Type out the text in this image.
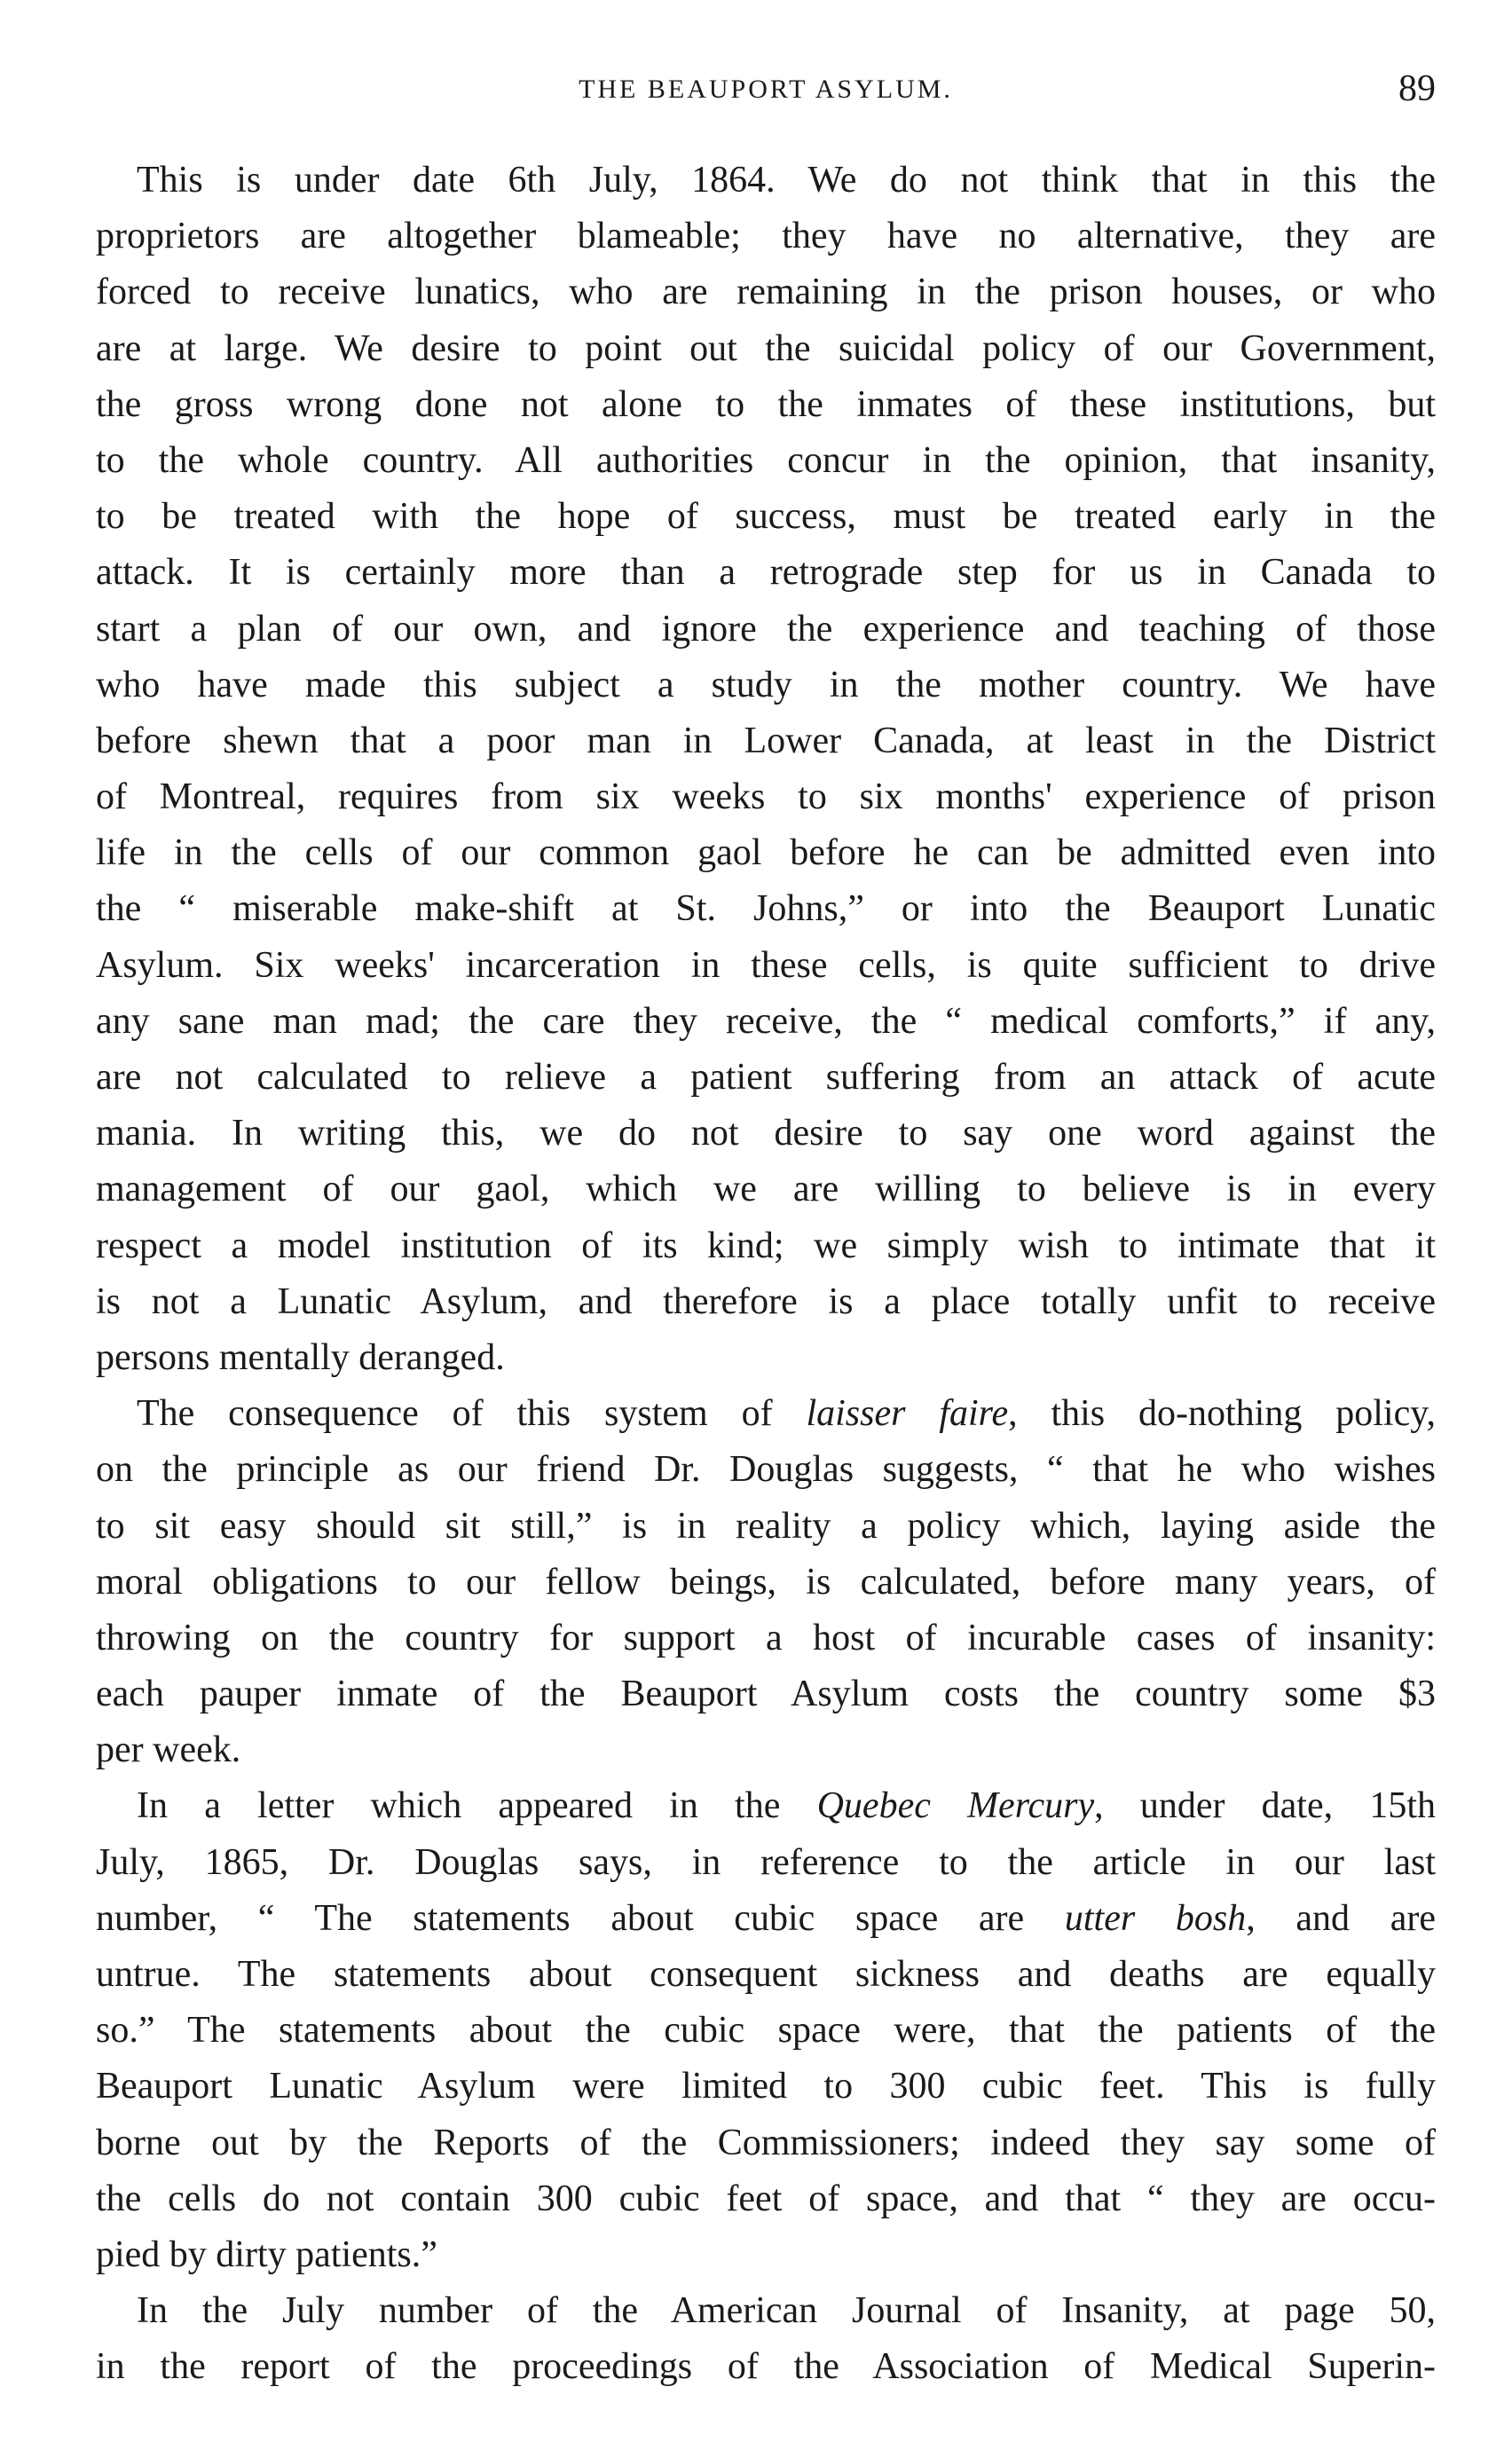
THE BEAUPORT ASYLUM.	89
This is under date 6th July, 1864. We do not think that in this the
proprietors are altogether blameable; they have no alternative, they are
forced to receive lunatics, who are remaining in the prison houses, or who
are at large. We desire to point out the suicidal policy of our Government,
the gross wrong done not alone to the inmates of these institutions, but
to the whole country. All authorities concur in the opinion, that insanity,
to be treated with the hope of success, must be treated early in the
attack. It is certainly more than a retrograde step for us in Canada to
start a plan of our own, and ignore the experience and teaching of those
who have made this subject a study in the mother country. We have
before shewn that a poor man in Lower Canada, at least in the District
of Montreal, requires from six weeks to six months' experience of prison
life in the cells of our common gaol before he can be admitted even into
the “ miserable make-shift at St. Johns,” or into the Beauport Lunatic
Asylum. Six weeks' incarceration in these cells, is quite sufficient to drive
any sane man mad; the care they receive, the “ medical comforts,” if any,
are not calculated to relieve a patient suffering from an attack of acute
mania. In writing this, we do not desire to say one word against the
management of our gaol, which we are willing to believe is in every
respect a model institution of its kind; we simply wish to intimate that it
is not a Lunatic Asylum, and therefore is a place totally unfit to receive
persons mentally deranged.
The consequence of this system of laisser faire, this do-nothing policy,
on the principle as our friend Dr. Douglas suggests, “ that he who wishes
to sit easy should sit still,” is in reality a policy which, laying aside the
moral obligations to our fellow beings, is calculated, before many years, of
throwing on the country for support a host of incurable cases of insanity:
each pauper inmate of the Beauport Asylum costs the country some $3
per week.
In a letter which appeared in the Quebec Mercury, under date, 15th
July, 1865, Dr. Douglas says, in reference to the article in our last
number, “ The statements about cubic space are utter bosh, and are
untrue. The statements about consequent sickness and deaths are equally
so.” The statements about the cubic space were, that the patients of the
Beauport Lunatic Asylum were limited to 300 cubic feet. This is fully
borne out by the Reports of the Commissioners; indeed they say some of
the cells do not contain 300 cubic feet of space, and that “ they are occu-
pied by dirty patients.”
In the July number of the American Journal of Insanity, at page 50,
in the report of the proceedings of the Association of Medical Superin-
